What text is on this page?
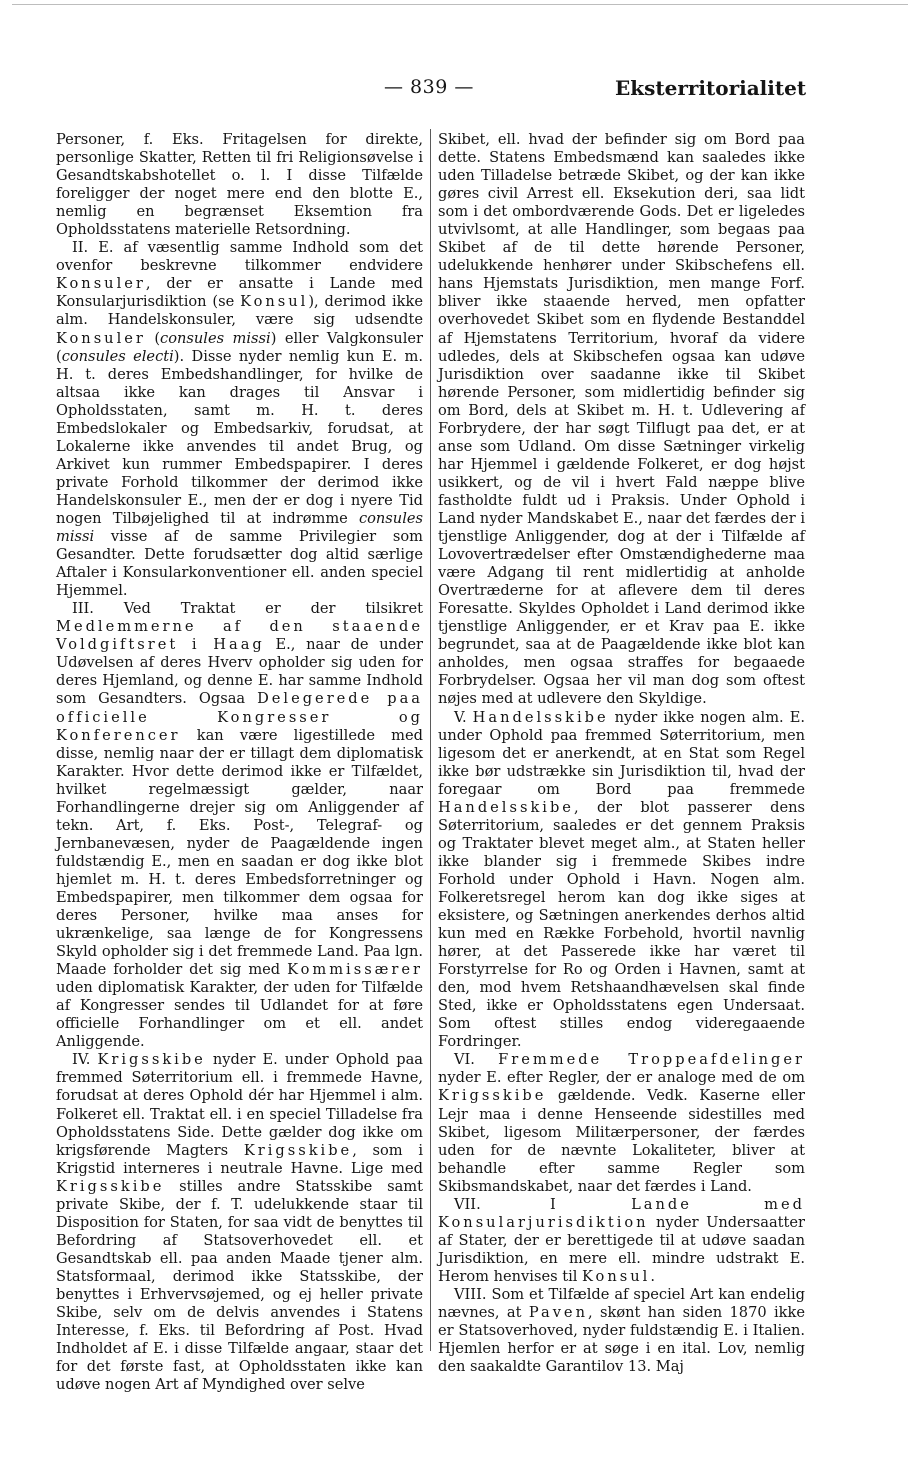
— 839 —	Eksterritorialitet

Personer, f. Eks. Fritagelsen for direkte, personlige Skatter, Retten til fri Religionsøvelse i Gesandtskabshotellet o. l. I disse Tilfælde foreligger der noget mere end den blotte E., nemlig en begrænset Eksemtion fra Opholdsstatens materielle Retsordning.

II. E. af væsentlig samme Indhold som det ovenfor beskrevne tilkommer endvidere Konsuler, der er ansatte i Lande med Konsularjurisdiktion (se Konsul), derimod ikke alm. Handelskonsuler, være sig udsendte Konsuler (consules missi) eller Valgkonsuler (consules electi). Disse nyder nemlig kun E. m. H. t. deres Embedshandlinger, for hvilke de altsaa ikke kan drages til Ansvar i Opholdsstaten, samt m. H. t. deres Embedslokaler og Embedsarkiv, forudsat, at Lokalerne ikke anvendes til andet Brug, og Arkivet kun rummer Embedspapirer. I deres private Forhold tilkommer der derimod ikke Handelskonsuler E., men der er dog i nyere Tid nogen Tilbøjelighed til at indrømme consules missi visse af de samme Privilegier som Gesandter. Dette forudsætter dog altid særlige Aftaler i Konsularkonventioner ell. anden speciel Hjemmel.

III. Ved Traktat er der tilsikret Medlemmerne af den staaende Voldgiftsret i Haag E., naar de under Udøvelsen af deres Hverv opholder sig uden for deres Hjemland, og denne E. har samme Indhold som Gesandters. Ogsaa Delegerede paa officielle Kongresser og Konferencer kan være ligestillede med disse, nemlig naar der er tillagt dem diplomatisk Karakter. Hvor dette derimod ikke er Tilfældet, hvilket regelmæssigt gælder, naar Forhandlingerne drejer sig om Anliggender af tekn. Art, f. Eks. Post-, Telegraf- og Jernbanevæsen, nyder de Paagældende ingen fuldstændig E., men en saadan er dog ikke blot hjemlet m. H. t. deres Embedsforretninger og Embedspapirer, men tilkommer dem ogsaa for deres Personer, hvilke maa anses for ukrænkelige, saa længe de for Kongressens Skyld opholder sig i det fremmede Land. Paa lgn. Maade forholder det sig med Kommissærer uden diplomatisk Karakter, der uden for Tilfælde af Kongresser sendes til Udlandet for at føre officielle Forhandlinger om et ell. andet Anliggende.

IV. Krigsskibe nyder E. under Ophold paa fremmed Søterritorium ell. i fremmede Havne, forudsat at deres Ophold dér har Hjemmel i alm. Folkeret ell. Traktat ell. i en speciel Tilladelse fra Opholdsstatens Side. Dette gælder dog ikke om krigsførende Magters Krigsskibe, som i Krigstid interneres i neutrale Havne. Lige med Krigsskibe stilles andre Statsskibe samt private Skibe, der f. T. udelukkende staar til Disposition for Staten, for saa vidt de benyttes til Befordring af Statsoverhovedet ell. et Gesandtskab ell. paa anden Maade tjener alm. Statsformaal, derimod ikke Statsskibe, der benyttes i Erhvervsøjemed, og ej heller private Skibe, selv om de delvis anvendes i Statens Interesse, f. Eks. til Befordring af Post. Hvad Indholdet af E. i disse Tilfælde angaar, staar det for det første fast, at Opholdsstaten ikke kan udøve nogen Art af Myndighed over selve

Skibet, ell. hvad der befinder sig om Bord paa dette. Statens Embedsmænd kan saaledes ikke uden Tilladelse betræde Skibet, og der kan ikke gøres civil Arrest ell. Eksekution deri, saa lidt som i det ombordværende Gods. Det er ligeledes utvivlsomt, at alle Handlinger, som begaas paa Skibet af de til dette hørende Personer, udelukkende henhører under Skibschefens ell. hans Hjemstats Jurisdiktion, men mange Forf. bliver ikke staaende herved, men opfatter overhovedet Skibet som en flydende Bestanddel af Hjemstatens Territorium, hvoraf da videre udledes, dels at Skibschefen ogsaa kan udøve Jurisdiktion over saadanne ikke til Skibet hørende Personer, som midlertidig befinder sig om Bord, dels at Skibet m. H. t. Udlevering af Forbrydere, der har søgt Tilflugt paa det, er at anse som Udland. Om disse Sætninger virkelig har Hjemmel i gældende Folkeret, er dog højst usikkert, og de vil i hvert Fald næppe blive fastholdte fuldt ud i Praksis. Under Ophold i Land nyder Mandskabet E., naar det færdes der i tjenstlige Anliggender, dog at der i Tilfælde af Lovovertrædelser efter Omstændighederne maa være Adgang til rent midlertidig at anholde Overtræderne for at aflevere dem til deres Foresatte. Skyldes Opholdet i Land derimod ikke tjenstlige Anliggender, er et Krav paa E. ikke begrundet, saa at de Paagældende ikke blot kan anholdes, men ogsaa straffes for begaaede Forbrydelser. Ogsaa her vil man dog som oftest nøjes med at udlevere den Skyldige.

V. Handelsskibe nyder ikke nogen alm. E. under Ophold paa fremmed Søterritorium, men ligesom det er anerkendt, at en Stat som Regel ikke bør udstrække sin Jurisdiktion til, hvad der foregaar om Bord paa fremmede Handelsskibe, der blot passerer dens Søterritorium, saaledes er det gennem Praksis og Traktater blevet meget alm., at Staten heller ikke blander sig i fremmede Skibes indre Forhold under Ophold i Havn. Nogen alm. Folkeretsregel herom kan dog ikke siges at eksistere, og Sætningen anerkendes derhos altid kun med en Række Forbehold, hvortil navnlig hører, at det Passerede ikke har været til Forstyrrelse for Ro og Orden i Havnen, samt at den, mod hvem Retshaandhævelsen skal finde Sted, ikke er Opholdsstatens egen Undersaat. Som oftest stilles endog videregaaende Fordringer.

VI. Fremmede Troppeafdelinger nyder E. efter Regler, der er analoge med de om Krigsskibe gældende. Vedk. Kaserne eller Lejr maa i denne Henseende sidestilles med Skibet, ligesom Militærpersoner, der færdes uden for de nævnte Lokaliteter, bliver at behandle efter samme Regler som Skibsmandskabet, naar det færdes i Land.

VII. I Lande med Konsularjurisdiktion nyder Undersaatter af Stater, der er berettigede til at udøve saadan Jurisdiktion, en mere ell. mindre udstrakt E. Herom henvises til Konsul.

VIII. Som et Tilfælde af speciel Art kan endelig nævnes, at Paven, skønt han siden 1870 ikke er Statsoverhoved, nyder fuldstændig E. i Italien. Hjemlen herfor er at søge i en ital. Lov, nemlig den saakaldte Garantilov 13. Maj
